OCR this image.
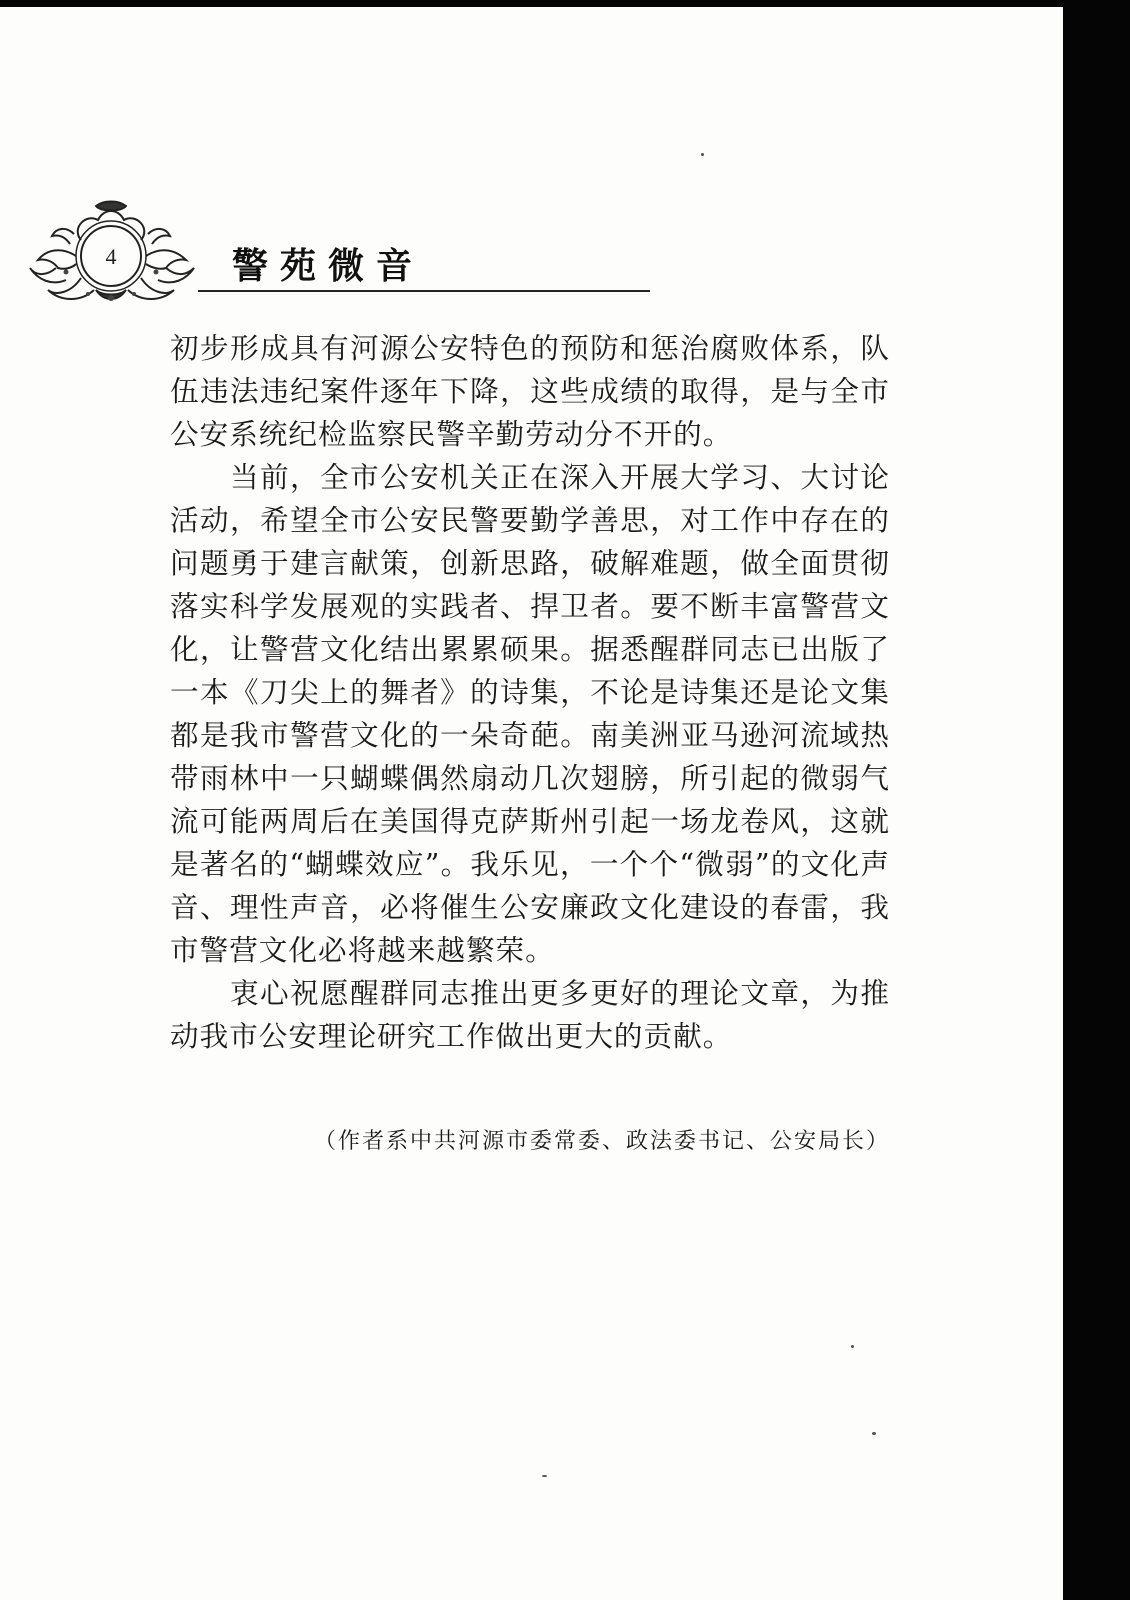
4	警苑微音

初步形成具有河源公安特色的预防和惩治腐败体系，队伍违法违纪案件逐年下降，这些成绩的取得，是与全市公安系统纪检监察民警辛勤劳动分不开的。

当前，全市公安机关正在深入开展大学习、大讨论活动，希望全市公安民警要勤学善思，对工作中存在的问题勇于建言献策，创新思路，破解难题，做全面贯彻落实科学发展观的实践者、捍卫者。要不断丰富警营文化，让警营文化结出累累硕果。据悉醒群同志已出版了一本《刀尖上的舞者》的诗集，不论是诗集还是论文集都是我市警营文化的一朵奇葩。南美洲亚马逊河流域热带雨林中一只蝴蝶偶然扇动几次翅膀，所引起的微弱气流可能两周后在美国得克萨斯州引起一场龙卷风，这就是著名的“蝴蝶效应”。我乐见，一个个“微弱”的文化声音、理性声音，必将催生公安廉政文化建设的春雷，我市警营文化必将越来越繁荣。

衷心祝愿醒群同志推出更多更好的理论文章，为推动我市公安理论研究工作做出更大的贡献。

（作者系中共河源市委常委、政法委书记、公安局长）
